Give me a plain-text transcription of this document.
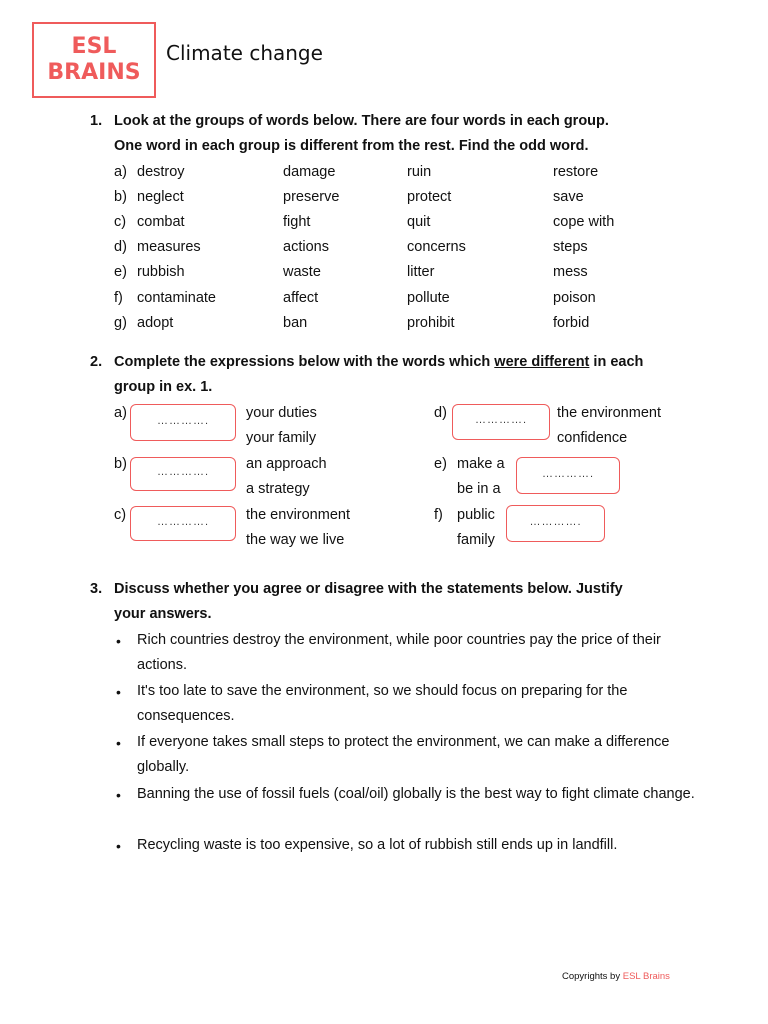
ESL
BRAINS
Climate change
1. Look at the groups of words below. There are four words in each group.
One word in each group is different from the rest. Find the odd word.
a) destroy	damage	ruin	restore
b) neglect	preserve	protect	save
c) combat	fight	quit	cope with
d) measures	actions	concerns	steps
e) rubbish	waste	litter	mess
f) contaminate	affect	pollute	poison
g) adopt	ban	prohibit	forbid
2. Complete the expressions below with the words which were different in each
group in ex. 1.
a)	………….	your duties
your family
b)	………….	an approach
a strategy
c)	………….	the environment
the way we live
d)	………….	the environment
confidence
e) make a
be in a
………….
f) public
family
………….
3. Discuss whether you agree or disagree with the statements below. Justify
your answers.
• Rich countries destroy the environment, while poor countries pay the price of their actions.
• It's too late to save the environment, so we should focus on preparing for the consequences.
• If everyone takes small steps to protect the environment, we can make a difference globally.
• Banning the use of fossil fuels (coal/oil) globally is the best way to fight climate change.
• Recycling waste is too expensive, so a lot of rubbish still ends up in landfill.
Copyrights by ESL Brains
